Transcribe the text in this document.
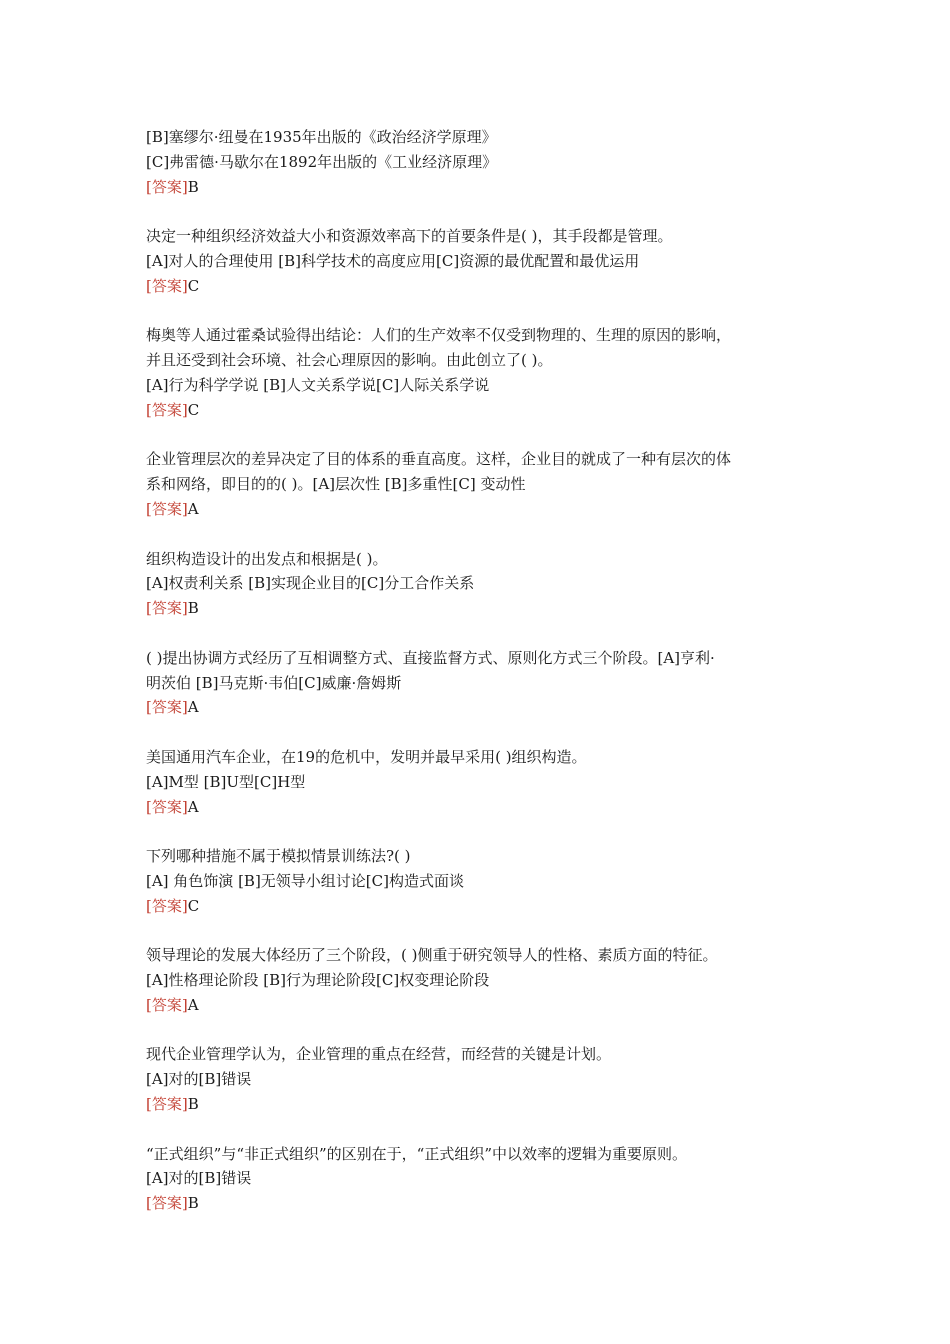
[B]塞缪尔·纽曼在1935年出版的《政治经济学原理》
[C]弗雷德·马歇尔在1892年出版的《工业经济原理》
[答案]B
决定一种组织经济效益大小和资源效率高下的首要条件是( )，其手段都是管理。
[A]对人的合理使用 [B]科学技术的高度应用[C]资源的最优配置和最优运用
[答案]C
梅奥等人通过霍桑试验得出结论：人们的生产效率不仅受到物理的、生理的原因的影响，
并且还受到社会环境、社会心理原因的影响。由此创立了( )。
[A]行为科学学说 [B]人文关系学说[C]人际关系学说
[答案]C
企业管理层次的差异决定了目的体系的垂直高度。这样，企业目的就成了一种有层次的体
系和网络，即目的的( )。[A]层次性 [B]多重性[C] 变动性
[答案]A
组织构造设计的出发点和根据是( )。
[A]权责利关系 [B]实现企业目的[C]分工合作关系
[答案]B
( )提出协调方式经历了互相调整方式、直接监督方式、原则化方式三个阶段。[A]亨利·
明茨伯 [B]马克斯·韦伯[C]威廉·詹姆斯
[答案]A
美国通用汽车企业，在19的危机中，发明并最早采用( )组织构造。
[A]M型 [B]U型[C]H型
[答案]A
下列哪种措施不属于模拟情景训练法?( )
[A] 角色饰演 [B]无领导小组讨论[C]构造式面谈
[答案]C
领导理论的发展大体经历了三个阶段，( )侧重于研究领导人的性格、素质方面的特征。
[A]性格理论阶段 [B]行为理论阶段[C]权变理论阶段
[答案]A
现代企业管理学认为，企业管理的重点在经营，而经营的关键是计划。
[A]对的[B]错误
[答案]B
“正式组织”与“非正式组织”的区别在于，“正式组织”中以效率的逻辑为重要原则。
[A]对的[B]错误
[答案]B
